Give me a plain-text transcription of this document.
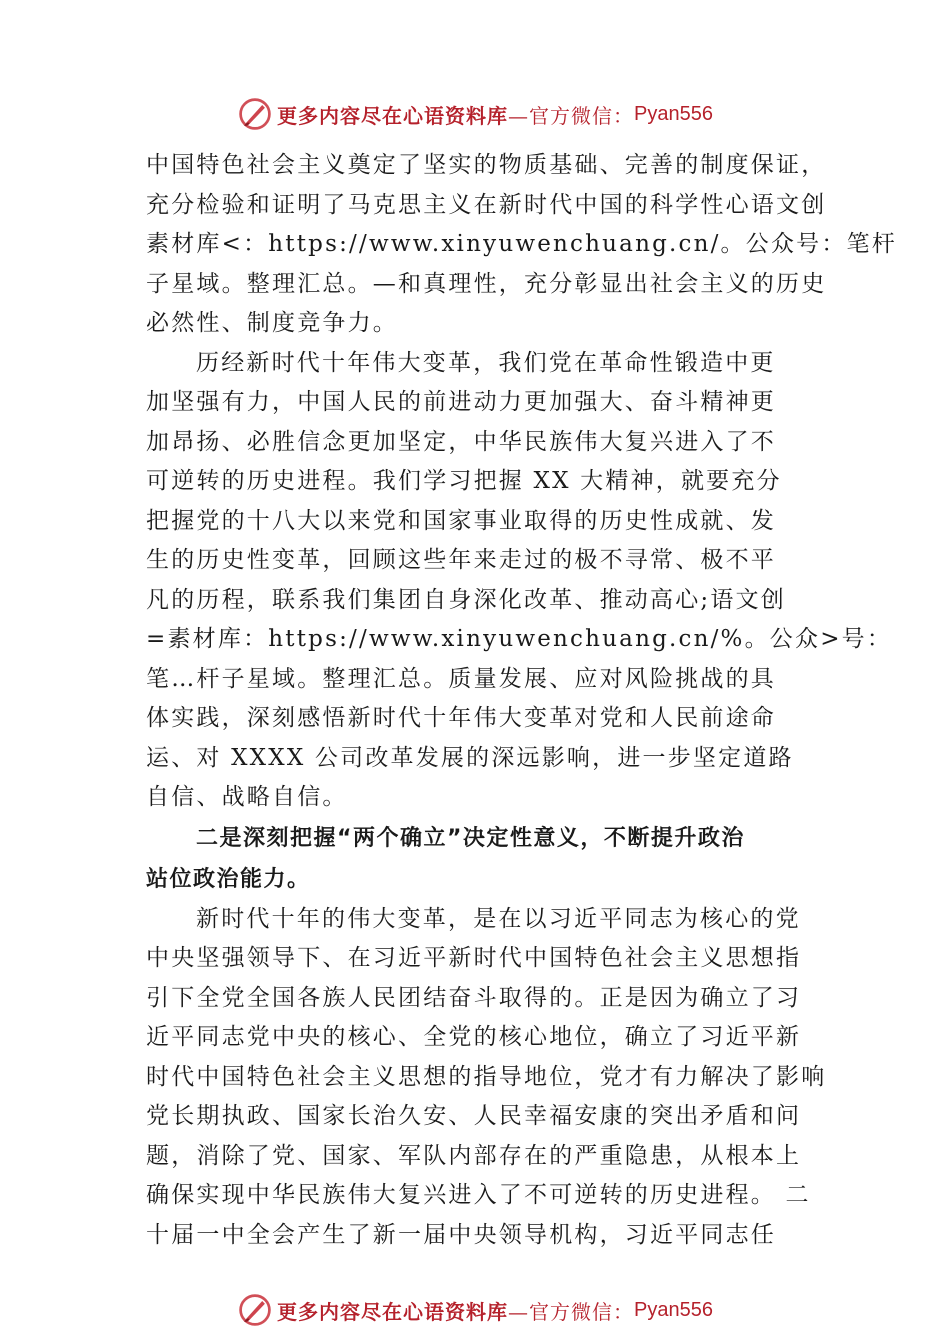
更多内容尽在心语资料库 —官方微信： Pyan556
中国特色社会主义奠定了坚实的物质基础、完善的制度保证，
充分检验和证明了马克思主义在新时代中国的科学性心语文创
素材库<：https://www.xinyuwenchuang.cn/。公众号：笔杆
子星域。整理汇总。—和真理性，充分彰显出社会主义的历史
必然性、制度竞争力。
历经新时代十年伟大变革，我们党在革命性锻造中更
加坚强有力，中国人民的前进动力更加强大、奋斗精神更
加昂扬、必胜信念更加坚定，中华民族伟大复兴进入了不
可逆转的历史进程。我们学习把握 XX 大精神，就要充分
把握党的十八大以来党和国家事业取得的历史性成就、发
生的历史性变革，回顾这些年来走过的极不寻常、极不平
凡的历程，联系我们集团自身深化改革、推动高心;语文创
=素材库：https://www.xinyuwenchuang.cn/%。公众>号：
笔…杆子星域。整理汇总。质量发展、应对风险挑战的具
体实践，深刻感悟新时代十年伟大变革对党和人民前途命
运、对 XXXX 公司改革发展的深远影响，进一步坚定道路
自信、战略自信。
二是深刻把握“两个确立”决定性意义，不断提升政治
站位政治能力。
新时代十年的伟大变革，是在以习近平同志为核心的党
中央坚强领导下、在习近平新时代中国特色社会主义思想指
引下全党全国各族人民团结奋斗取得的。正是因为确立了习
近平同志党中央的核心、全党的核心地位，确立了习近平新
时代中国特色社会主义思想的指导地位，党才有力解决了影响
党长期执政、国家长治久安、人民幸福安康的突出矛盾和问
题，消除了党、国家、军队内部存在的严重隐患，从根本上
确保实现中华民族伟大复兴进入了不可逆转的历史进程。 二
十届一中全会产生了新一届中央领导机构，习近平同志任
更多内容尽在心语资料库 —官方微信： Pyan556
